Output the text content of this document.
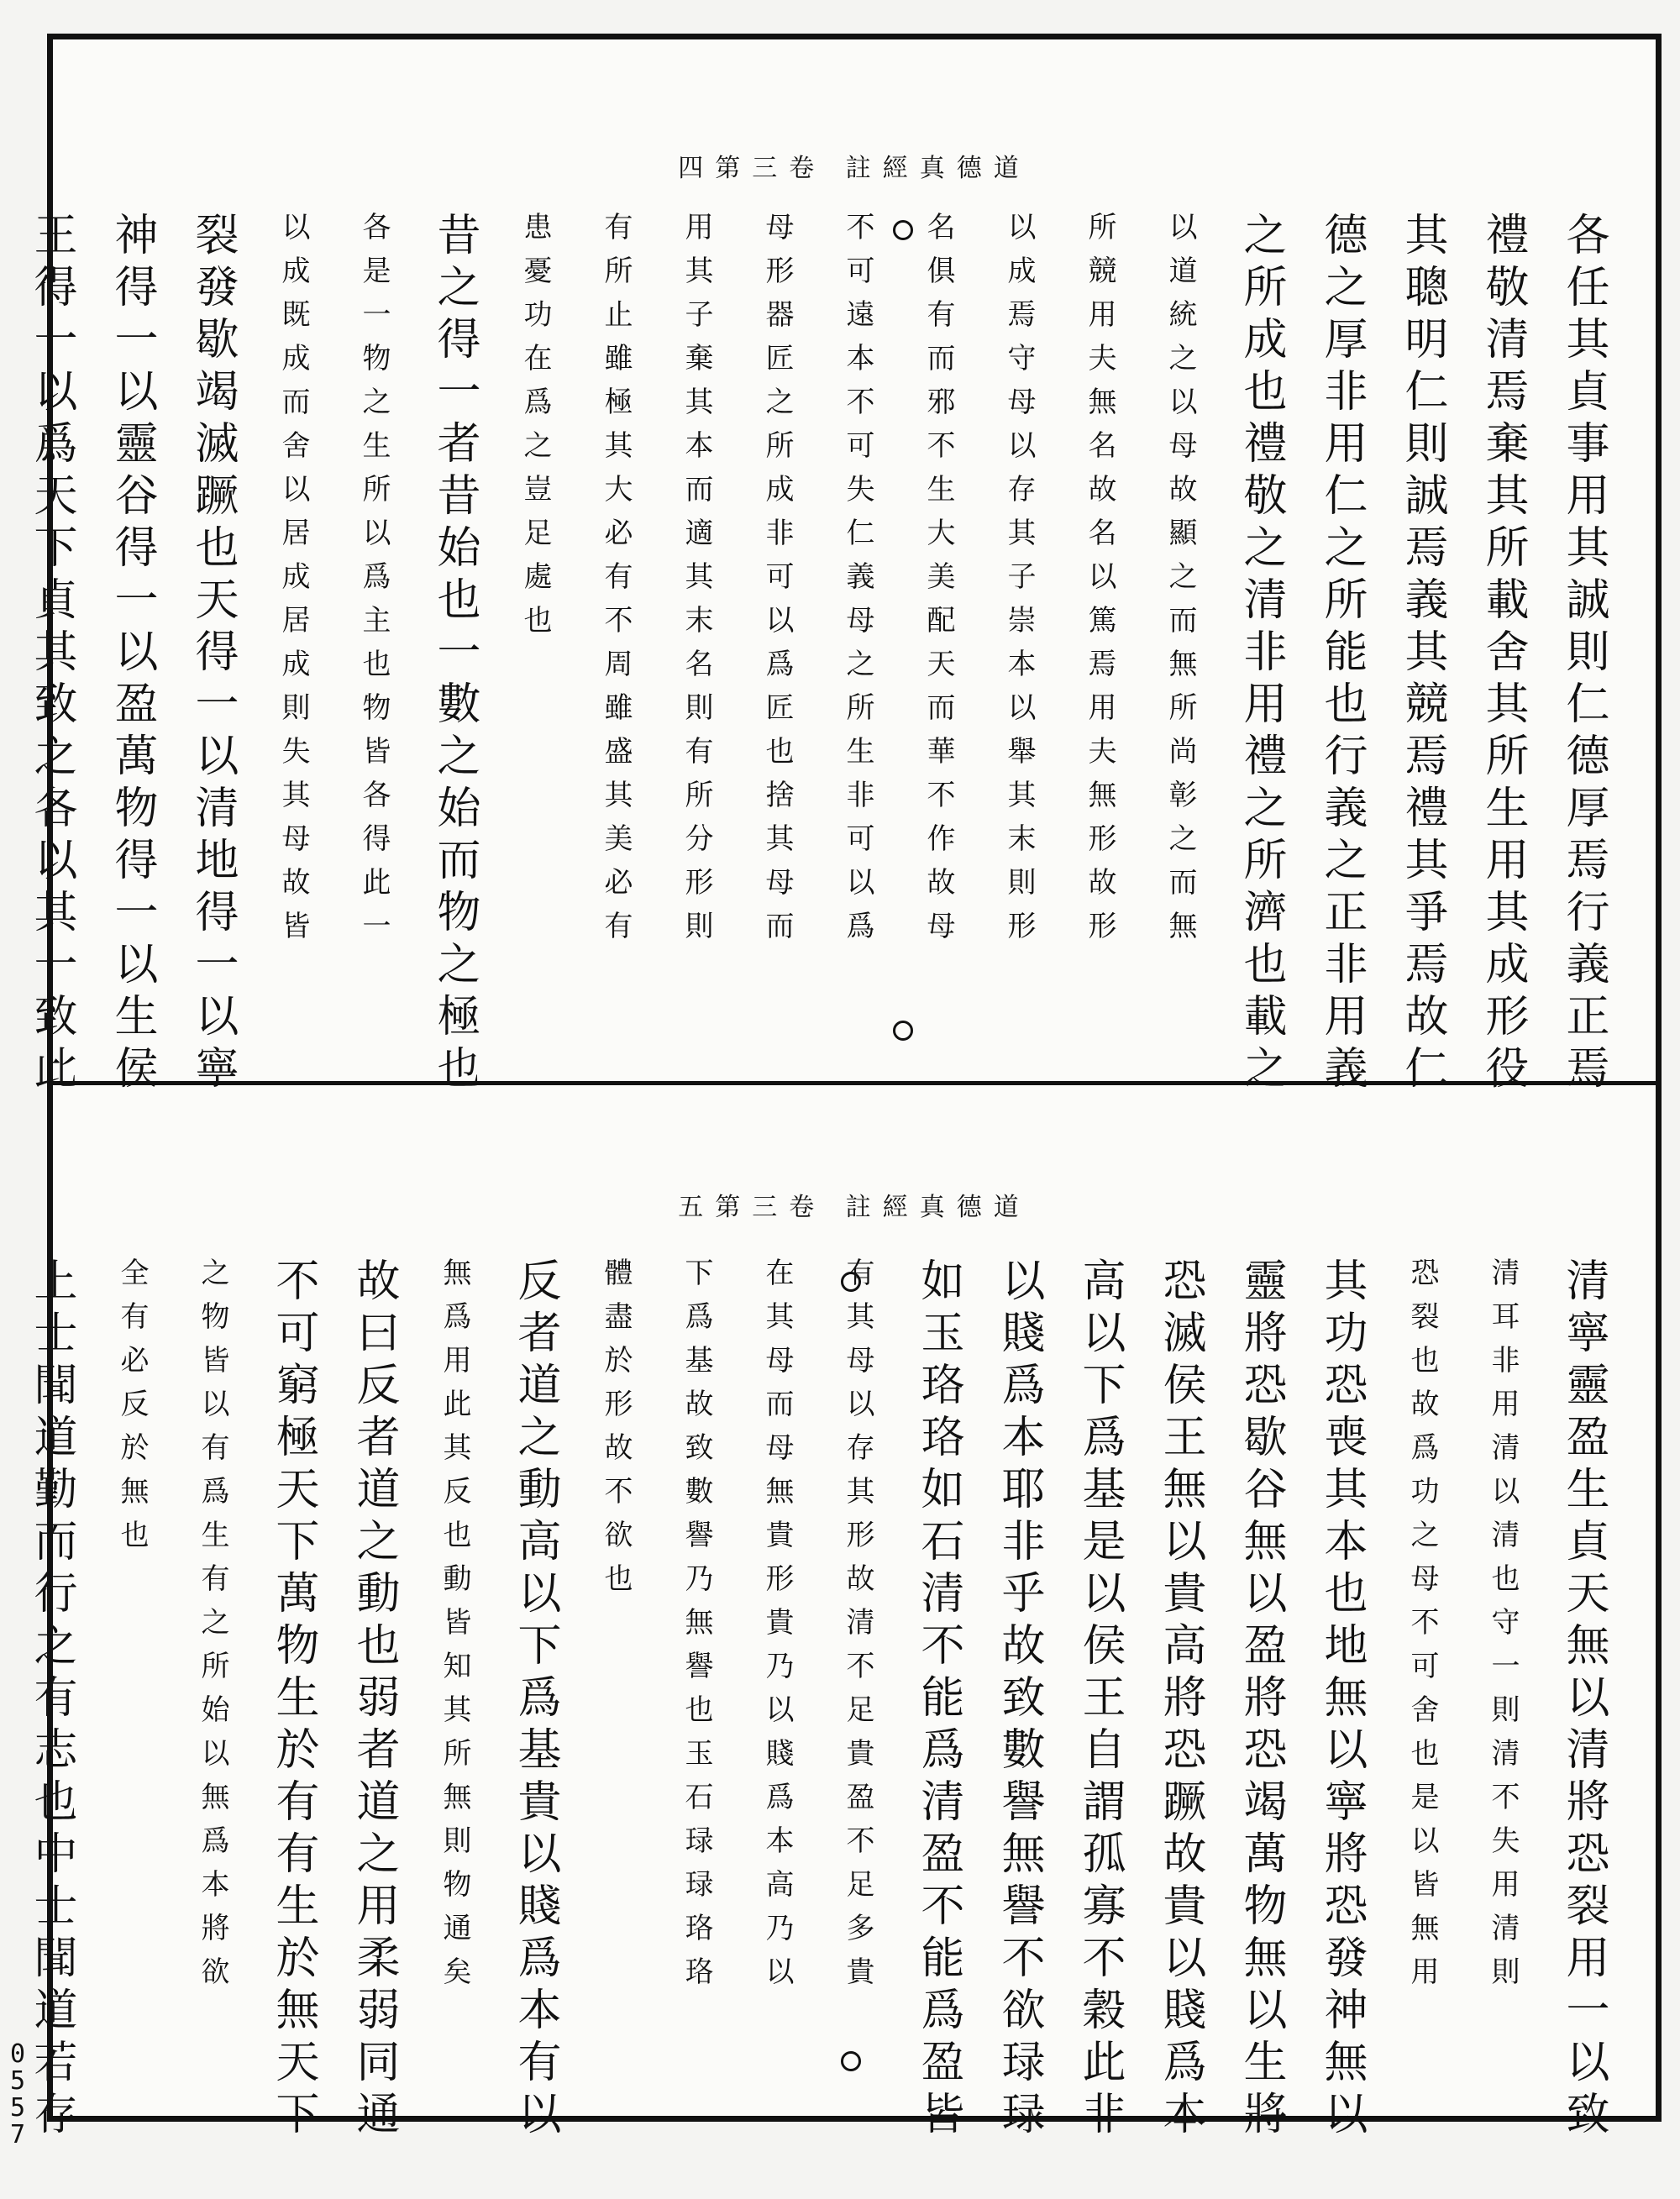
道德真經註 卷三第四
各任其貞事用其誠則仁德厚焉行義正焉
禮敬清焉棄其所載舍其所生用其成形役
其聰明仁則誠焉義其競焉禮其爭焉故仁
德之厚非用仁之所能也行義之正非用義
之所成也禮敬之清非用禮之所濟也載之
以道統之以母故顯之而無所尚彰之而無
所競用夫無名故名以篤焉用夫無形故形
以成焉守母以存其子崇本以舉其末則形
名俱有而邪不生大美配天而華不作故母
不可遠本不可失仁義母之所生非可以爲
母形器匠之所成非可以爲匠也捨其母而
用其子棄其本而適其末名則有所分形則
有所止雖極其大必有不周雖盛其美必有
患憂功在爲之豈足處也
昔之得一者昔始也一數之始而物之極也
各是一物之生所以爲主也物皆各得此一
以成既成而舍以居成居成則失其母故皆
裂發歇竭滅蹶也天得一以清地得一以寧
神得一以靈谷得一以盈萬物得一以生侯
王得一以爲天下貞其致之各以其一致此
道德真經註 卷三第五
清寧靈盈生貞天無以清將恐裂用一以致
清耳非用清以清也守一則清不失用清則
恐裂也故爲功之母不可舍也是以皆無用
其功恐喪其本也地無以寧將恐發神無以
靈將恐歇谷無以盈將恐竭萬物無以生將
恐滅侯王無以貴高將恐蹶故貴以賤爲本
高以下爲基是以侯王自謂孤寡不穀此非
以賤爲本耶非乎故致數譽無譽不欲琭琭
如玉珞珞如石清不能爲清盈不能爲盈皆
有其母以存其形故清不足貴盈不足多貴
在其母而母無貴形貴乃以賤爲本高乃以
下爲基故致數譽乃無譽也玉石琭琭珞珞
體盡於形故不欲也
反者道之動高以下爲基貴以賤爲本有以
無爲用此其反也動皆知其所無則物通矣
故曰反者道之動也弱者道之用柔弱同通
不可窮極天下萬物生於有有生於無天下
之物皆以有爲生有之所始以無爲本將欲
全有必反於無也
上士聞道勤而行之有志也中士聞道若存
0557
